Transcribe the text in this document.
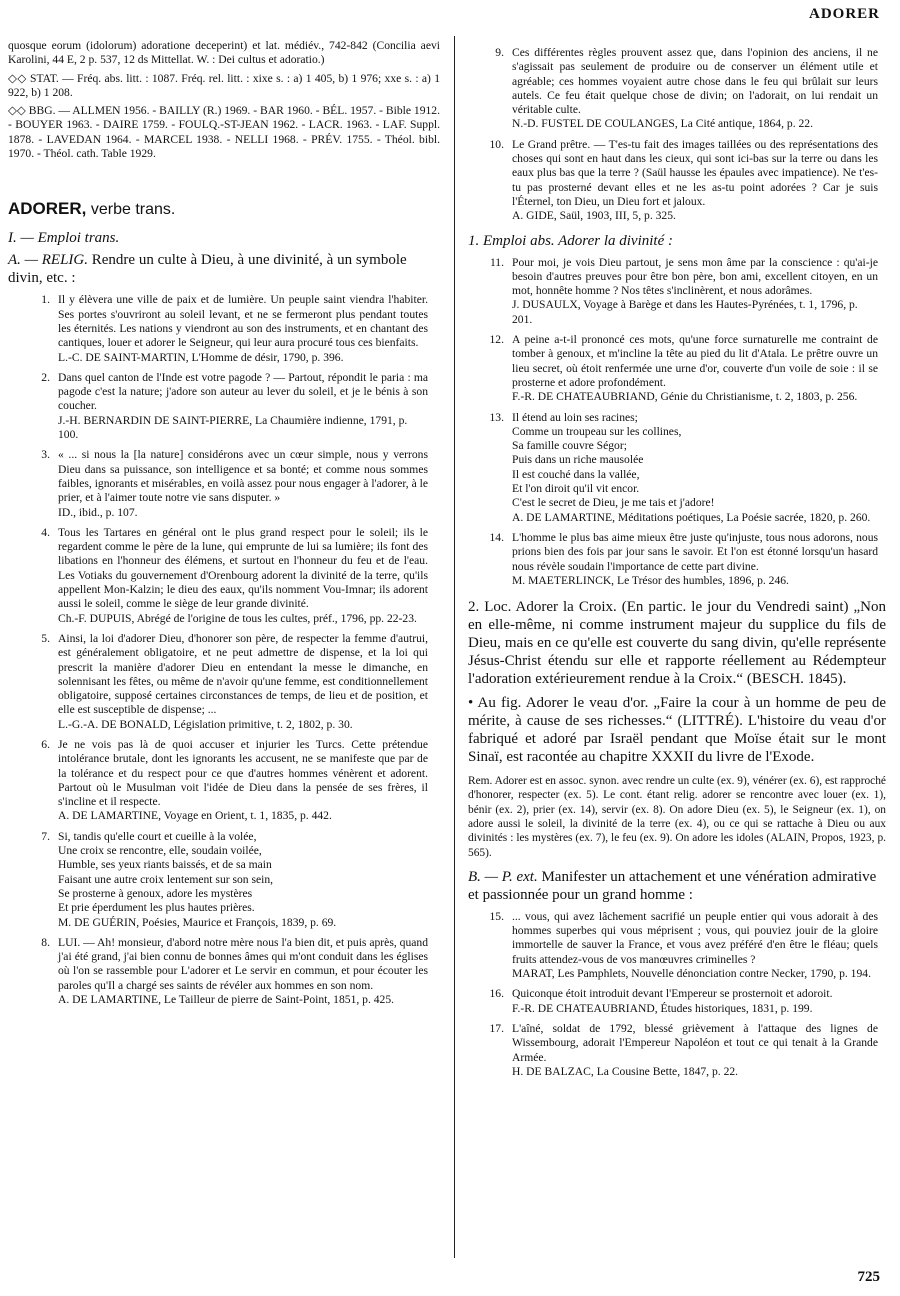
ADORER

quosque eorum (idolorum) adoratione deceperint) et lat. médiév., 742-842 (Concilia aevi Karolini, 44 E, 2 p. 537, 12 ds Mittellat. W. : Dei cultus et adoratio.)

◇◇ STAT. — Fréq. abs. litt. : 1087. Fréq. rel. litt. : xixe s. : a) 1 405, b) 1 976; xxe s. : a) 1 922, b) 1 208.

◇◇ BBG. — ALLMEN 1956. - BAILLY (R.) 1969. - BAR 1960. - BÉL. 1957. - Bible 1912. - BOUYER 1963. - DAIRE 1759. - FOULQ.-ST-JEAN 1962. - LACR. 1963. - LAF. Suppl. 1878. - LAVEDAN 1964. - MARCEL 1938. - NELLI 1968. - PRÉV. 1755. - Théol. bibl. 1970. - Théol. cath. Table 1929.

ADORER, verbe trans.

I. — Emploi trans.

A. — RELIG. Rendre un culte à Dieu, à une divinité, à un symbole divin, etc. :

1. Il y élèvera une ville de paix et de lumière. Un peuple saint viendra l'habiter. Ses portes s'ouvriront au soleil levant, et ne se fermeront plus pendant toutes les éternités. Les nations y viendront au son des instruments, et en chantant des cantiques, louer et adorer le Seigneur, qui leur aura procuré tous ces bienfaits.
L.-C. DE SAINT-MARTIN, L'Homme de désir, 1790, p. 396.
2. Dans quel canton de l'Inde est votre pagode ? — Partout, répondit le paria : ma pagode c'est la nature; j'adore son auteur au lever du soleil, et je le bénis à son coucher.
J.-H. BERNARDIN DE SAINT-PIERRE, La Chaumière indienne, 1791, p. 100.
3. « ... si nous la [la nature] considérons avec un cœur simple, nous y verrons Dieu dans sa puissance, son intelligence et sa bonté; et comme nous sommes faibles, ignorants et misérables, en voilà assez pour nous engager à l'adorer, à le prier, et à l'aimer toute notre vie sans disputer. »
ID., ibid., p. 107.
4. Tous les Tartares en général ont le plus grand respect pour le soleil; ils le regardent comme le père de la lune, qui emprunte de lui sa lumière; ils font des libations en l'honneur des élémens, et surtout en l'honneur du feu et de l'eau. Les Votiaks du gouvernement d'Orenbourg adorent la divinité de la terre, qu'ils appellent Mon-Kalzin; le dieu des eaux, qu'ils nomment Vou-Imnar; ils adorent aussi le soleil, comme le siège de leur grande divinité.
Ch.-F. DUPUIS, Abrégé de l'origine de tous les cultes, préf., 1796, pp. 22-23.
5. Ainsi, la loi d'adorer Dieu, d'honorer son père, de respecter la femme d'autrui, est généralement obligatoire, et ne peut admettre de dispense, et la loi qui prescrit la manière d'adorer Dieu en entendant la messe le dimanche, en solennisant les fêtes, ou même de n'avoir qu'une femme, est conditionnellement obligatoire, supposé certaines circonstances de temps, de lieu et de position, et elle est susceptible de dispense; ...
L.-G.-A. DE BONALD, Législation primitive, t. 2, 1802, p. 30.
6. Je ne vois pas là de quoi accuser et injurier les Turcs. Cette prétendue intolérance brutale, dont les ignorants les accusent, ne se manifeste que par de la tolérance et du respect pour ce que d'autres hommes vénèrent et adorent. Partout où le Musulman voit l'idée de Dieu dans la pensée de ses frères, il s'incline et il respecte.
A. DE LAMARTINE, Voyage en Orient, t. 1, 1835, p. 442.
7. Si, tandis qu'elle court et cueille à la volée,
Une croix se rencontre, elle, soudain voilée,
Humble, ses yeux riants baissés, et de sa main
Faisant une autre croix lentement sur son sein,
Se prosterne à genoux, adore les mystères
Et prie éperdument les plus hautes prières.
M. DE GUÉRIN, Poésies, Maurice et François, 1839, p. 69.
8. LUI. — Ah! monsieur, d'abord notre mère nous l'a bien dit, et puis après, quand j'ai été grand, j'ai bien connu de bonnes âmes qui m'ont conduit dans les églises où l'on se rassemble pour L'adorer et Le servir en commun, et pour écouter les paroles qu'Il a chargé ses saints de révéler aux hommes en son nom.
A. DE LAMARTINE, Le Tailleur de pierre de Saint-Point, 1851, p. 425.
9. Ces différentes règles prouvent assez que, dans l'opinion des anciens, il ne s'agissait pas seulement de produire ou de conserver un élément utile et agréable; ces hommes voyaient autre chose dans le feu qui brûlait sur leurs autels. Ce feu était quelque chose de divin; on l'adorait, on lui rendait un véritable culte.
N.-D. FUSTEL DE COULANGES, La Cité antique, 1864, p. 22.
10. Le Grand prêtre. — T'es-tu fait des images taillées ou des représentations des choses qui sont en haut dans les cieux, qui sont ici-bas sur la terre ou dans les eaux plus bas que la terre ? (Saül hausse les épaules avec impatience). Ne t'es-tu pas prosterné devant elles et ne les as-tu point adorées ? Car je suis l'Éternel, ton Dieu, un Dieu fort et jaloux.
A. GIDE, Saül, 1903, III, 5, p. 325.

1. Emploi abs. Adorer la divinité :

11. Pour moi, je vois Dieu partout, je sens mon âme par la conscience : qu'ai-je besoin d'autres preuves pour être bon père, bon ami, excellent citoyen, en un mot, honnête homme ? Nos têtes s'inclinèrent, et nous adorâmes.
J. DUSAULX, Voyage à Barège et dans les Hautes-Pyrénées, t. 1, 1796, p. 201.
12. A peine a-t-il prononcé ces mots, qu'une force surnaturelle me contraint de tomber à genoux, et m'incline la tête au pied du lit d'Atala. Le prêtre ouvre un lieu secret, où étoit renfermée une urne d'or, couverte d'un voile de soie : il se prosterne et adore profondément.
F.-R. DE CHATEAUBRIAND, Génie du Christianisme, t. 2, 1803, p. 256.
13. Il étend au loin ses racines;
Comme un troupeau sur les collines,
Sa famille couvre Ségor;
Puis dans un riche mausolée
Il est couché dans la vallée,
Et l'on diroit qu'il vit encor.
C'est le secret de Dieu, je me tais et j'adore!
A. DE LAMARTINE, Méditations poétiques, La Poésie sacrée, 1820, p. 260.
14. L'homme le plus bas aime mieux être juste qu'injuste, tous nous adorons, nous prions bien des fois par jour sans le savoir. Et l'on est étonné lorsqu'un hasard nous révèle soudain l'importance de cette part divine.
M. MAETERLINCK, Le Trésor des humbles, 1896, p. 246.

2. Loc. Adorer la Croix. (En partic. le jour du Vendredi saint) „Non en elle-même, ni comme instrument majeur du supplice du fils de Dieu, mais en ce qu'elle est couverte du sang divin, qu'elle représente Jésus-Christ étendu sur elle et rapporte réellement au Rédempteur l'adoration extérieurement rendue à la Croix.“ (BESCH. 1845).

• Au fig. Adorer le veau d'or. „Faire la cour à un homme de peu de mérite, à cause de ses richesses.“ (LITTRÉ). L'histoire du veau d'or fabriqué et adoré par Israël pendant que Moïse était sur le mont Sinaï, est racontée au chapitre XXXII du livre de l'Exode.

Rem. Adorer est en assoc. synon. avec rendre un culte (ex. 9), vénérer (ex. 6), est rapproché d'honorer, respecter (ex. 5). Le cont. étant relig. adorer se rencontre avec louer (ex. 1), bénir (ex. 2), prier (ex. 14), servir (ex. 8). On adore Dieu (ex. 5), le Seigneur (ex. 1), on adore aussi le soleil, la divinité de la terre (ex. 4), ou ce qui se rattache à Dieu ou aux divinités : les mystères (ex. 7), le feu (ex. 9). On adore les idoles (ALAIN, Propos, 1923, p. 565).

B. — P. ext. Manifester un attachement et une vénération admirative et passionnée pour un grand homme :

15. ... vous, qui avez lâchement sacrifié un peuple entier qui vous adorait à des hommes superbes qui vous méprisent ; vous, qui pouviez jouir de la gloire immortelle de sauver la France, et vous avez préféré d'en être le fléau; quels fruits attendez-vous de vos manœuvres criminelles ?
MARAT, Les Pamphlets, Nouvelle dénonciation contre Necker, 1790, p. 194.
16. Quiconque étoit introduit devant l'Empereur se prosternoit et adoroit.
F.-R. DE CHATEAUBRIAND, Études historiques, 1831, p. 199.
17. L'aîné, soldat de 1792, blessé grièvement à l'attaque des lignes de Wissembourg, adorait l'Empereur Napoléon et tout ce qui tenait à la Grande Armée.
H. DE BALZAC, La Cousine Bette, 1847, p. 22.
725
